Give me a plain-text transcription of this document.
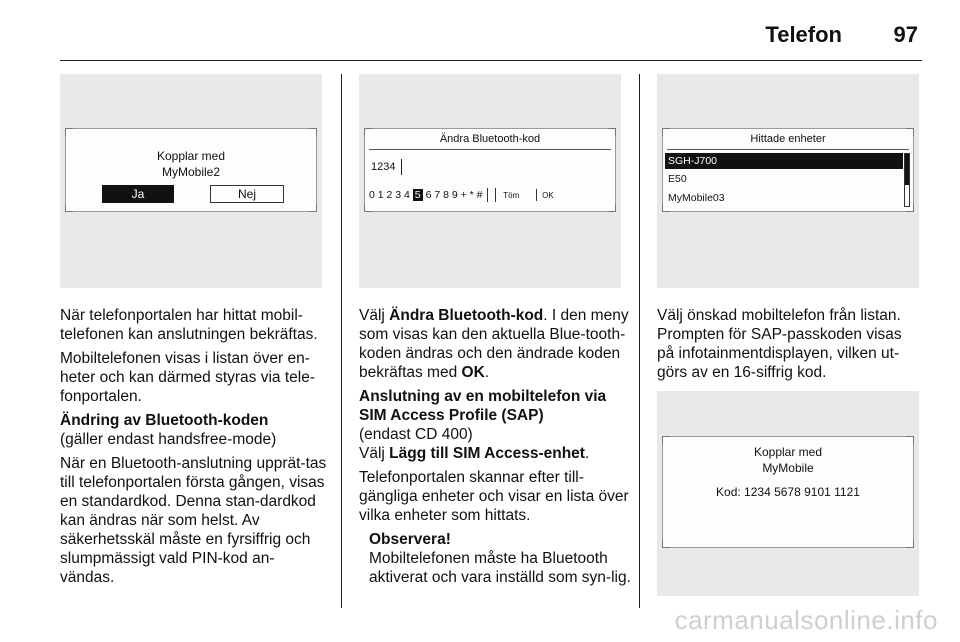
Telefon 97
Kopplar med
MyMobile2
Ja	Nej
Ändra Bluetooth-kod
1234
0 1 2 3 4 5 6 7 8 9 + * #	Töm	OK
Hittade enheter
SGH-J700
E50
MyMobile03
Kopplar med
MyMobile
Kod: 1234 5678 9101 1121

När telefonportalen har hittat mobil-telefonen kan anslutningen bekräftas.

Mobiltelefonen visas i listan över en-heter och kan därmed styras via tele-fonportalen.

Ändring av Bluetooth-koden

(gäller endast handsfree-mode)

När en Bluetooth-anslutning upprät-tas till telefonportalen första gången, visas en standardkod. Denna stan-dardkod kan ändras när som helst. Av säkerhetsskäl måste en fyrsiffrig och slumpmässigt vald PIN-kod an-vändas.

Välj Ändra Bluetooth-kod. I den meny som visas kan den aktuella Blue-tooth-koden ändras och den ändrade koden bekräftas med OK.

Anslutning av en mobiltelefon via SIM Access Profile (SAP)

(endast CD 400)

Välj Lägg till SIM Access-enhet.

Telefonportalen skannar efter till-gängliga enheter och visar en lista över vilka enheter som hittats.

Observera!

Mobiltelefonen måste ha Bluetooth aktiverat och vara inställd som syn-lig.

Välj önskad mobiltelefon från listan. Prompten för SAP-passkoden visas på infotainmentdisplayen, vilken ut-görs av en 16-siffrig kod.

carmanualsonline.info
